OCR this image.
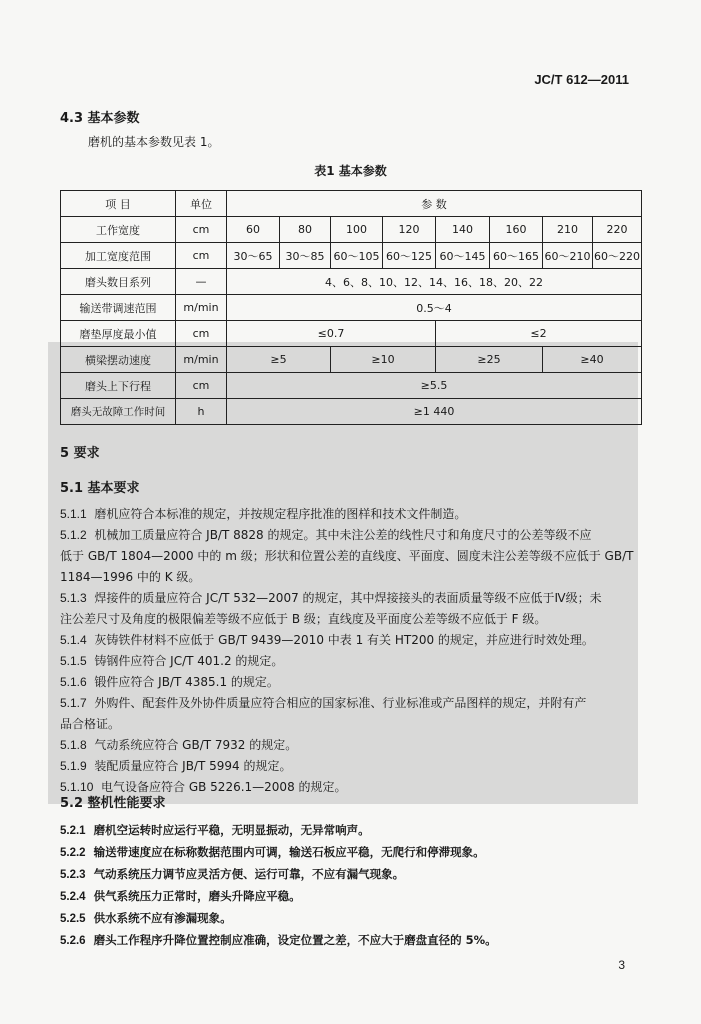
JC/T 612—2011
4.3 基本参数
磨机的基本参数见表 1。
表1 基本参数
项 目	单位	参 数							
工作宽度	cm	60	80	100	120	140	160	210	220
加工宽度范围	cm	30～65	30～85	60～105	60～125	60～145	60～165	60～210	60～220
磨头数目系列	—	4、6、8、10、12、14、16、18、20、22							
输送带调速范围	m/min	0.5～4							
磨垫厚度最小值	cm	≤0.7				≤2			
横梁摆动速度	m/min	≥5		≥10		≥25		≥40	
磨头上下行程	cm	≥5.5							
磨头无故障工作时间	h	≥1 440							
5 要求
5.1 基本要求
5.1.1 磨机应符合本标准的规定，并按规定程序批准的图样和技术文件制造。
5.1.2 机械加工质量应符合 JB/T 8828 的规定。其中未注公差的线性尺寸和角度尺寸的公差等级不应
低于 GB/T 1804—2000 中的 m 级；形状和位置公差的直线度、平面度、圆度未注公差等级不应低于 GB/T
1184—1996 中的 K 级。
5.1.3 焊接件的质量应符合 JC/T 532—2007 的规定，其中焊接接头的表面质量等级不应低于Ⅳ级；未
注公差尺寸及角度的极限偏差等级不应低于 B 级；直线度及平面度公差等级不应低于 F 级。
5.1.4 灰铸铁件材料不应低于 GB/T 9439—2010 中表 1 有关 HT200 的规定，并应进行时效处理。
5.1.5 铸钢件应符合 JC/T 401.2 的规定。
5.1.6 锻件应符合 JB/T 4385.1 的规定。
5.1.7 外购件、配套件及外协件质量应符合相应的国家标准、行业标准或产品图样的规定，并附有产
品合格证。
5.1.8 气动系统应符合 GB/T 7932 的规定。
5.1.9 装配质量应符合 JB/T 5994 的规定。
5.1.10 电气设备应符合 GB 5226.1—2008 的规定。
5.2 整机性能要求
5.2.1 磨机空运转时应运行平稳，无明显振动，无异常响声。
5.2.2 输送带速度应在标称数据范围内可调，输送石板应平稳，无爬行和停滞现象。
5.2.3 气动系统压力调节应灵活方便、运行可靠，不应有漏气现象。
5.2.4 供气系统压力正常时，磨头升降应平稳。
5.2.5 供水系统不应有渗漏现象。
5.2.6 磨头工作程序升降位置控制应准确，设定位置之差，不应大于磨盘直径的 5%。
3
